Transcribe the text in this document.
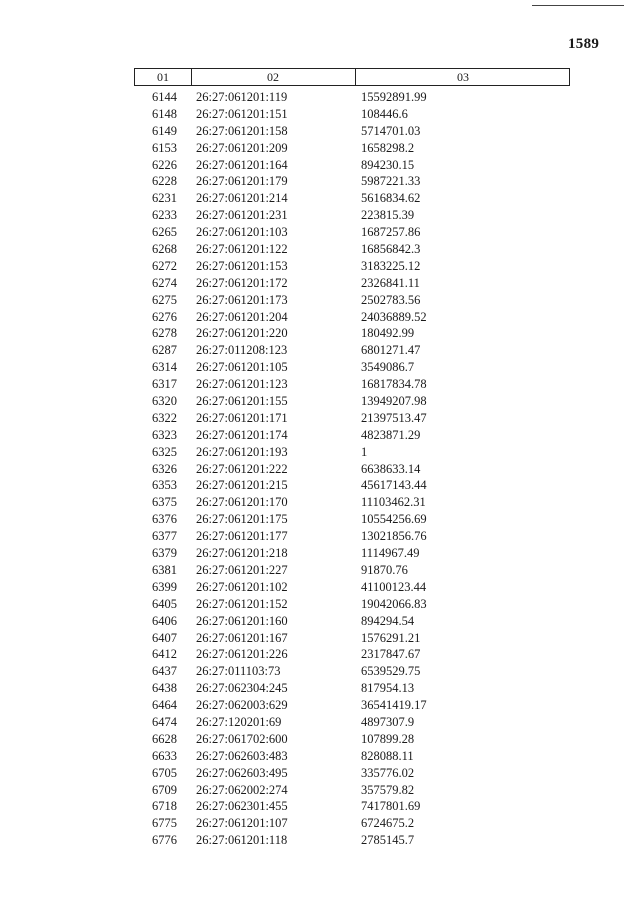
1589
01	02	03
6144 26:27:061201:119	15592891.99
6148 26:27:061201:151	108446.6
6149 26:27:061201:158	5714701.03
6153 26:27:061201:209	1658298.2
6226 26:27:061201:164	894230.15
6228 26:27:061201:179	5987221.33
6231 26:27:061201:214	5616834.62
6233 26:27:061201:231	223815.39
6265 26:27:061201:103	1687257.86
6268 26:27:061201:122	16856842.3
6272 26:27:061201:153	3183225.12
6274 26:27:061201:172	2326841.11
6275 26:27:061201:173	2502783.56
6276 26:27:061201:204	24036889.52
6278 26:27:061201:220	180492.99
6287 26:27:011208:123	6801271.47
6314 26:27:061201:105	3549086.7
6317 26:27:061201:123	16817834.78
6320 26:27:061201:155	13949207.98
6322 26:27:061201:171	21397513.47
6323 26:27:061201:174	4823871.29
6325 26:27:061201:193	1
6326 26:27:061201:222	6638633.14
6353 26:27:061201:215	45617143.44
6375 26:27:061201:170	11103462.31
6376 26:27:061201:175	10554256.69
6377 26:27:061201:177	13021856.76
6379 26:27:061201:218	1114967.49
6381 26:27:061201:227	91870.76
6399 26:27:061201:102	41100123.44
6405 26:27:061201:152	19042066.83
6406 26:27:061201:160	894294.54
6407 26:27:061201:167	1576291.21
6412 26:27:061201:226	2317847.67
6437 26:27:011103:73	6539529.75
6438 26:27:062304:245	817954.13
6464 26:27:062003:629	36541419.17
6474 26:27:120201:69	4897307.9
6628 26:27:061702:600	107899.28
6633 26:27:062603:483	828088.11
6705 26:27:062603:495	335776.02
6709 26:27:062002:274	357579.82
6718 26:27:062301:455	7417801.69
6775 26:27:061201:107	6724675.2
6776 26:27:061201:118	2785145.7
